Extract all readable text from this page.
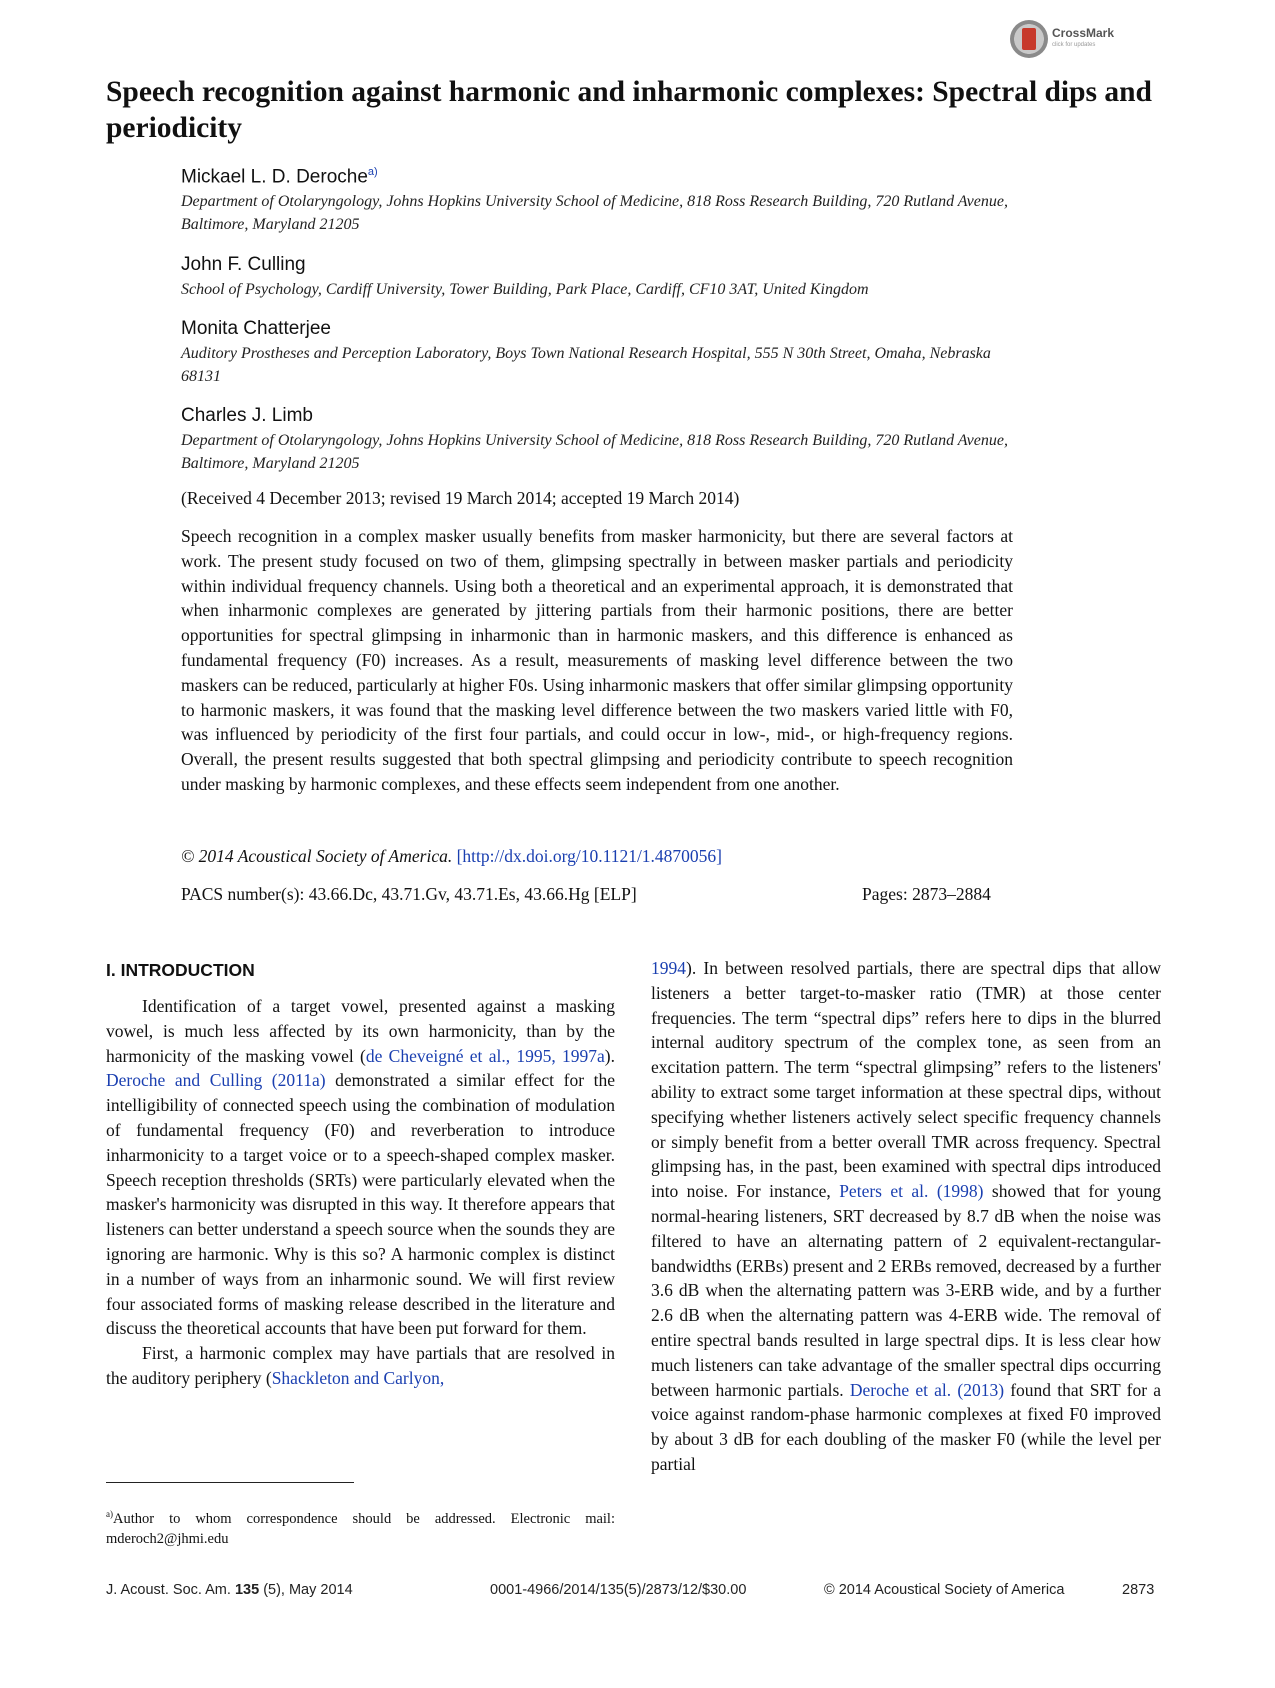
CrossMark
click for updates
Speech recognition against harmonic and inharmonic complexes: Spectral dips and periodicity
Mickael L. D. Deroche$^{a)}$
Department of Otolaryngology, Johns Hopkins University School of Medicine, 818 Ross Research Building, 720 Rutland Avenue, Baltimore, Maryland 21205
John F. Culling
School of Psychology, Cardiff University, Tower Building, Park Place, Cardiff, CF10 3AT, United Kingdom
Monita Chatterjee
Auditory Prostheses and Perception Laboratory, Boys Town National Research Hospital, 555 N 30th Street, Omaha, Nebraska 68131
Charles J. Limb
Department of Otolaryngology, Johns Hopkins University School of Medicine, 818 Ross Research Building, 720 Rutland Avenue, Baltimore, Maryland 21205
(Received 4 December 2013; revised 19 March 2014; accepted 19 March 2014)
Speech recognition in a complex masker usually benefits from masker harmonicity, but there are several factors at work. The present study focused on two of them, glimpsing spectrally in between masker partials and periodicity within individual frequency channels. Using both a theoretical and an experimental approach, it is demonstrated that when inharmonic complexes are generated by jittering partials from their harmonic positions, there are better opportunities for spectral glimpsing in inharmonic than in harmonic maskers, and this difference is enhanced as fundamental frequency (F0) increases. As a result, measurements of masking level difference between the two maskers can be reduced, particularly at higher F0s. Using inharmonic maskers that offer similar glimpsing opportunity to harmonic maskers, it was found that the masking level difference between the two maskers varied little with F0, was influenced by periodicity of the first four partials, and could occur in low-, mid-, or high-frequency regions. Overall, the present results suggested that both spectral glimpsing and periodicity contribute to speech recognition under masking by harmonic complexes, and these effects seem independent from one another.
© 2014 Acoustical Society of America. [http://dx.doi.org/10.1121/1.4870056]
PACS number(s): 43.66.Dc, 43.71.Gv, 43.71.Es, 43.66.Hg [ELP]	Pages: 2873–2884
I. INTRODUCTION

Identification of a target vowel, presented against a masking vowel, is much less affected by its own harmonicity, than by the harmonicity of the masking vowel (de Cheveigné et al., 1995, 1997a). Deroche and Culling (2011a) demonstrated a similar effect for the intelligibility of connected speech using the combination of modulation of fundamental frequency (F0) and reverberation to introduce inharmonicity to a target voice or to a speech-shaped complex masker. Speech reception thresholds (SRTs) were particularly elevated when the masker's harmonicity was disrupted in this way. It therefore appears that listeners can better understand a speech source when the sounds they are ignoring are harmonic. Why is this so? A harmonic complex is distinct in a number of ways from an inharmonic sound. We will first review four associated forms of masking release described in the literature and discuss the theoretical accounts that have been put forward for them.

First, a harmonic complex may have partials that are resolved in the auditory periphery (Shackleton and Carlyon,

1994). In between resolved partials, there are spectral dips that allow listeners a better target-to-masker ratio (TMR) at those center frequencies. The term “spectral dips” refers here to dips in the blurred internal auditory spectrum of the complex tone, as seen from an excitation pattern. The term “spectral glimpsing” refers to the listeners' ability to extract some target information at these spectral dips, without specifying whether listeners actively select specific frequency channels or simply benefit from a better overall TMR across frequency. Spectral glimpsing has, in the past, been examined with spectral dips introduced into noise. For instance, Peters et al. (1998) showed that for young normal-hearing listeners, SRT decreased by 8.7 dB when the noise was filtered to have an alternating pattern of 2 equivalent-rectangular-bandwidths (ERBs) present and 2 ERBs removed, decreased by a further 3.6 dB when the alternating pattern was 3-ERB wide, and by a further 2.6 dB when the alternating pattern was 4-ERB wide. The removal of entire spectral bands resulted in large spectral dips. It is less clear how much listeners can take advantage of the smaller spectral dips occurring between harmonic partials. Deroche et al. (2013) found that SRT for a voice against random-phase harmonic complexes at fixed F0 improved by about 3 dB for each doubling of the masker F0 (while the level per partial

$^{a)}$Author to whom correspondence should be addressed. Electronic mail: mderoch2@jhmi.edu
J. Acoust. Soc. Am. 135 (5), May 2014	0001-4966/2014/135(5)/2873/12/$30.00	© 2014 Acoustical Society of America	2873
